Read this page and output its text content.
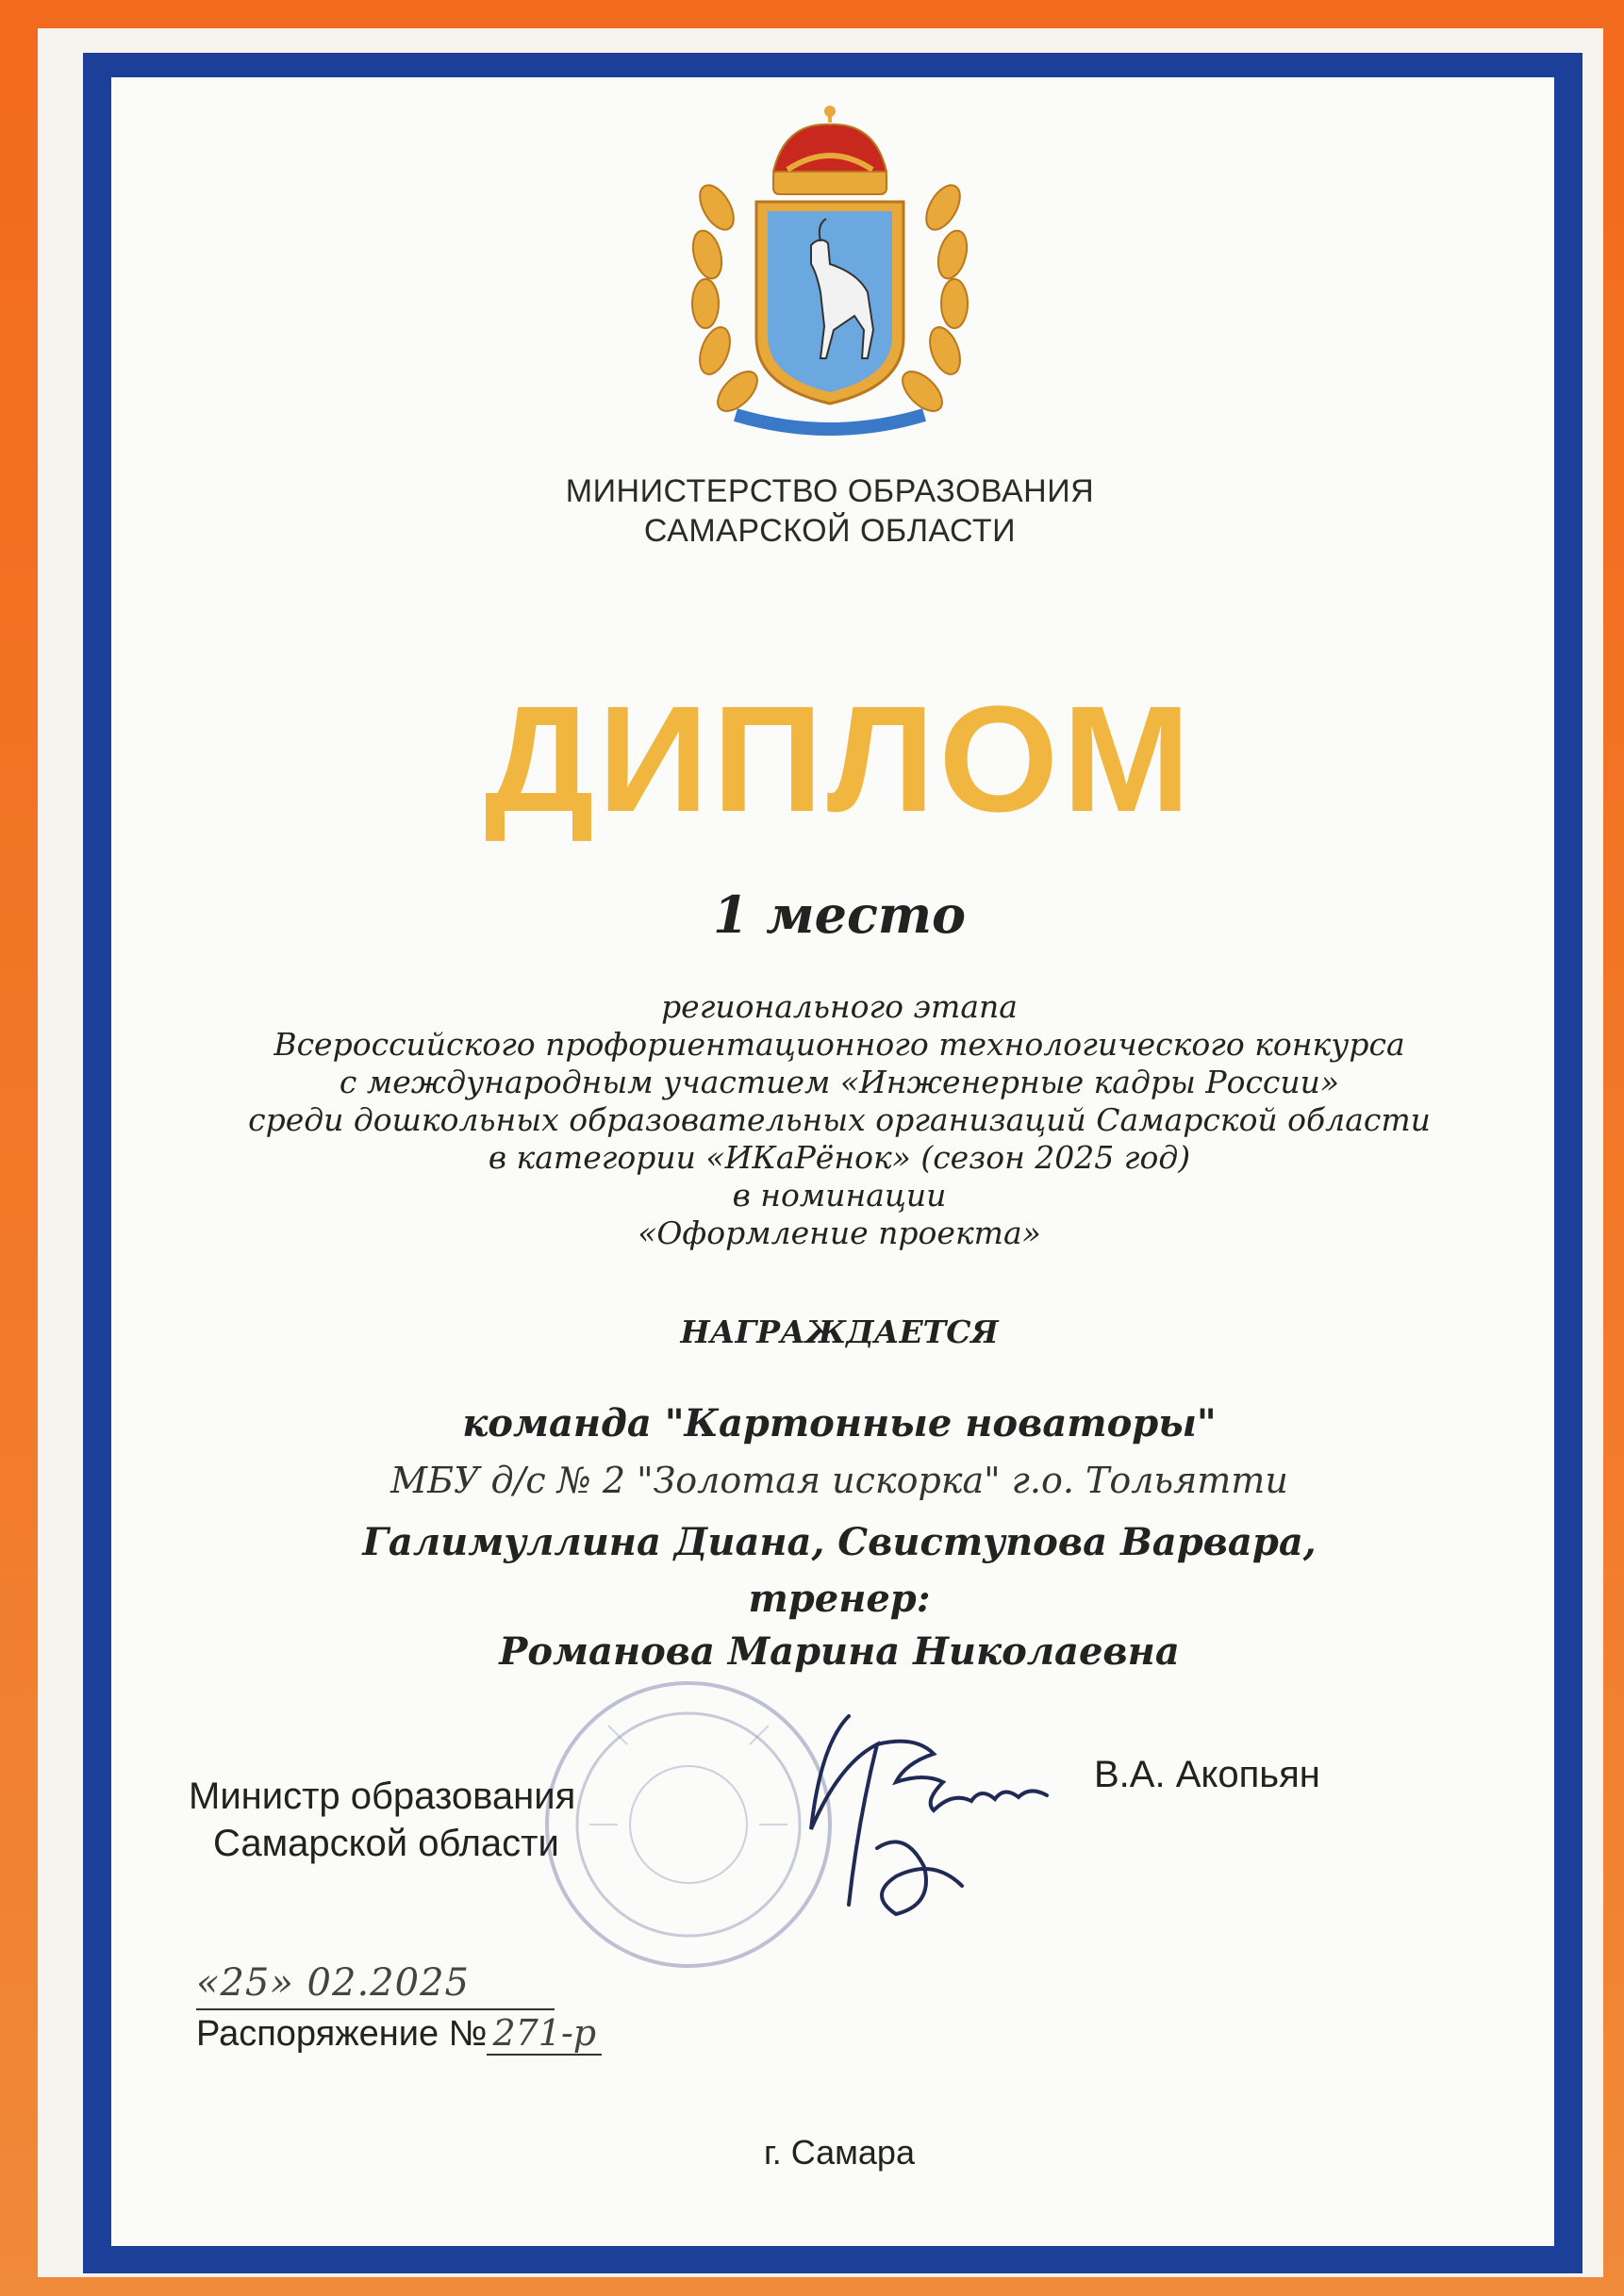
МИНИСТЕРСТВО ОБРАЗОВАНИЯ
САМАРСКОЙ ОБЛАСТИ
ДИПЛОМ
1 место
регионального этапа
Всероссийского профориентационного технологического конкурса
с международным участием «Инженерные кадры России»
среди дошкольных образовательных организаций Самарской области
в категории «ИКаРёнок» (сезон 2025 год)
в номинации
«Оформление проекта»
НАГРАЖДАЕТСЯ
команда "Картонные новаторы"
МБУ д/с № 2 "Золотая искорка" г.о. Тольятти
Галимуллина Диана, Свиступова Варвара,
тренер:
Романова Марина Николаевна
Министр образования
Самарской области
В.А. Акопьян
«25» 02.2025
Распоряжение № 271-р
г. Самара
